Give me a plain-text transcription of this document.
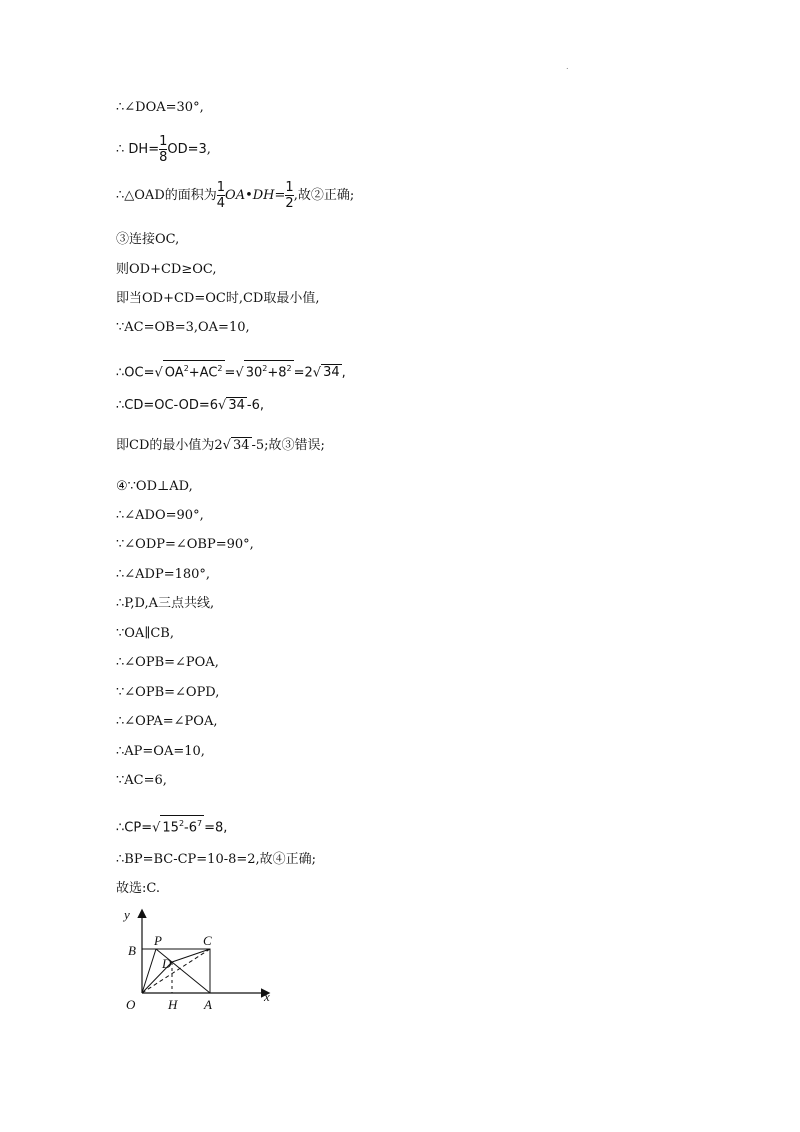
.
∴∠DOA=30°,
∴ $DH= \frac{1}{8} OD=3$,
∴△OAD的面积为 $\frac{1}{4}$ OA•DH= $\frac{1}{2}$ ,故②正确;
③连接OC,
则OD+CD≥OC,
即当OD+CD=OC时,CD取最小值,
∵AC=OB=3,OA=10,
∴OC=√ $OA^2+AC^2$ =√ $30^2+8^2 =2√$ 34 ,
∴CD=OC-OD=6√ 34 -6,
即CD的最小值为2√ 34 -5;故③错误;
④∵OD⊥AD,
∴∠ADO=90°,
∵∠ODP=∠OBP=90°,
∴∠ADP=180°,
∴P,D,A三点共线,
∵OA∥CB,
∴∠OPB=∠POA,
∵∠OPB=∠OPD,
∴∠OPA=∠POA,
∴AP=OA=10,
∵AC=6,
∴CP=√ $15^2-6^7 =8$,
∴BP=BC-CP=10-8=2,故④正确;
故选:C.
y
x
B
P	C
D
O	H A
